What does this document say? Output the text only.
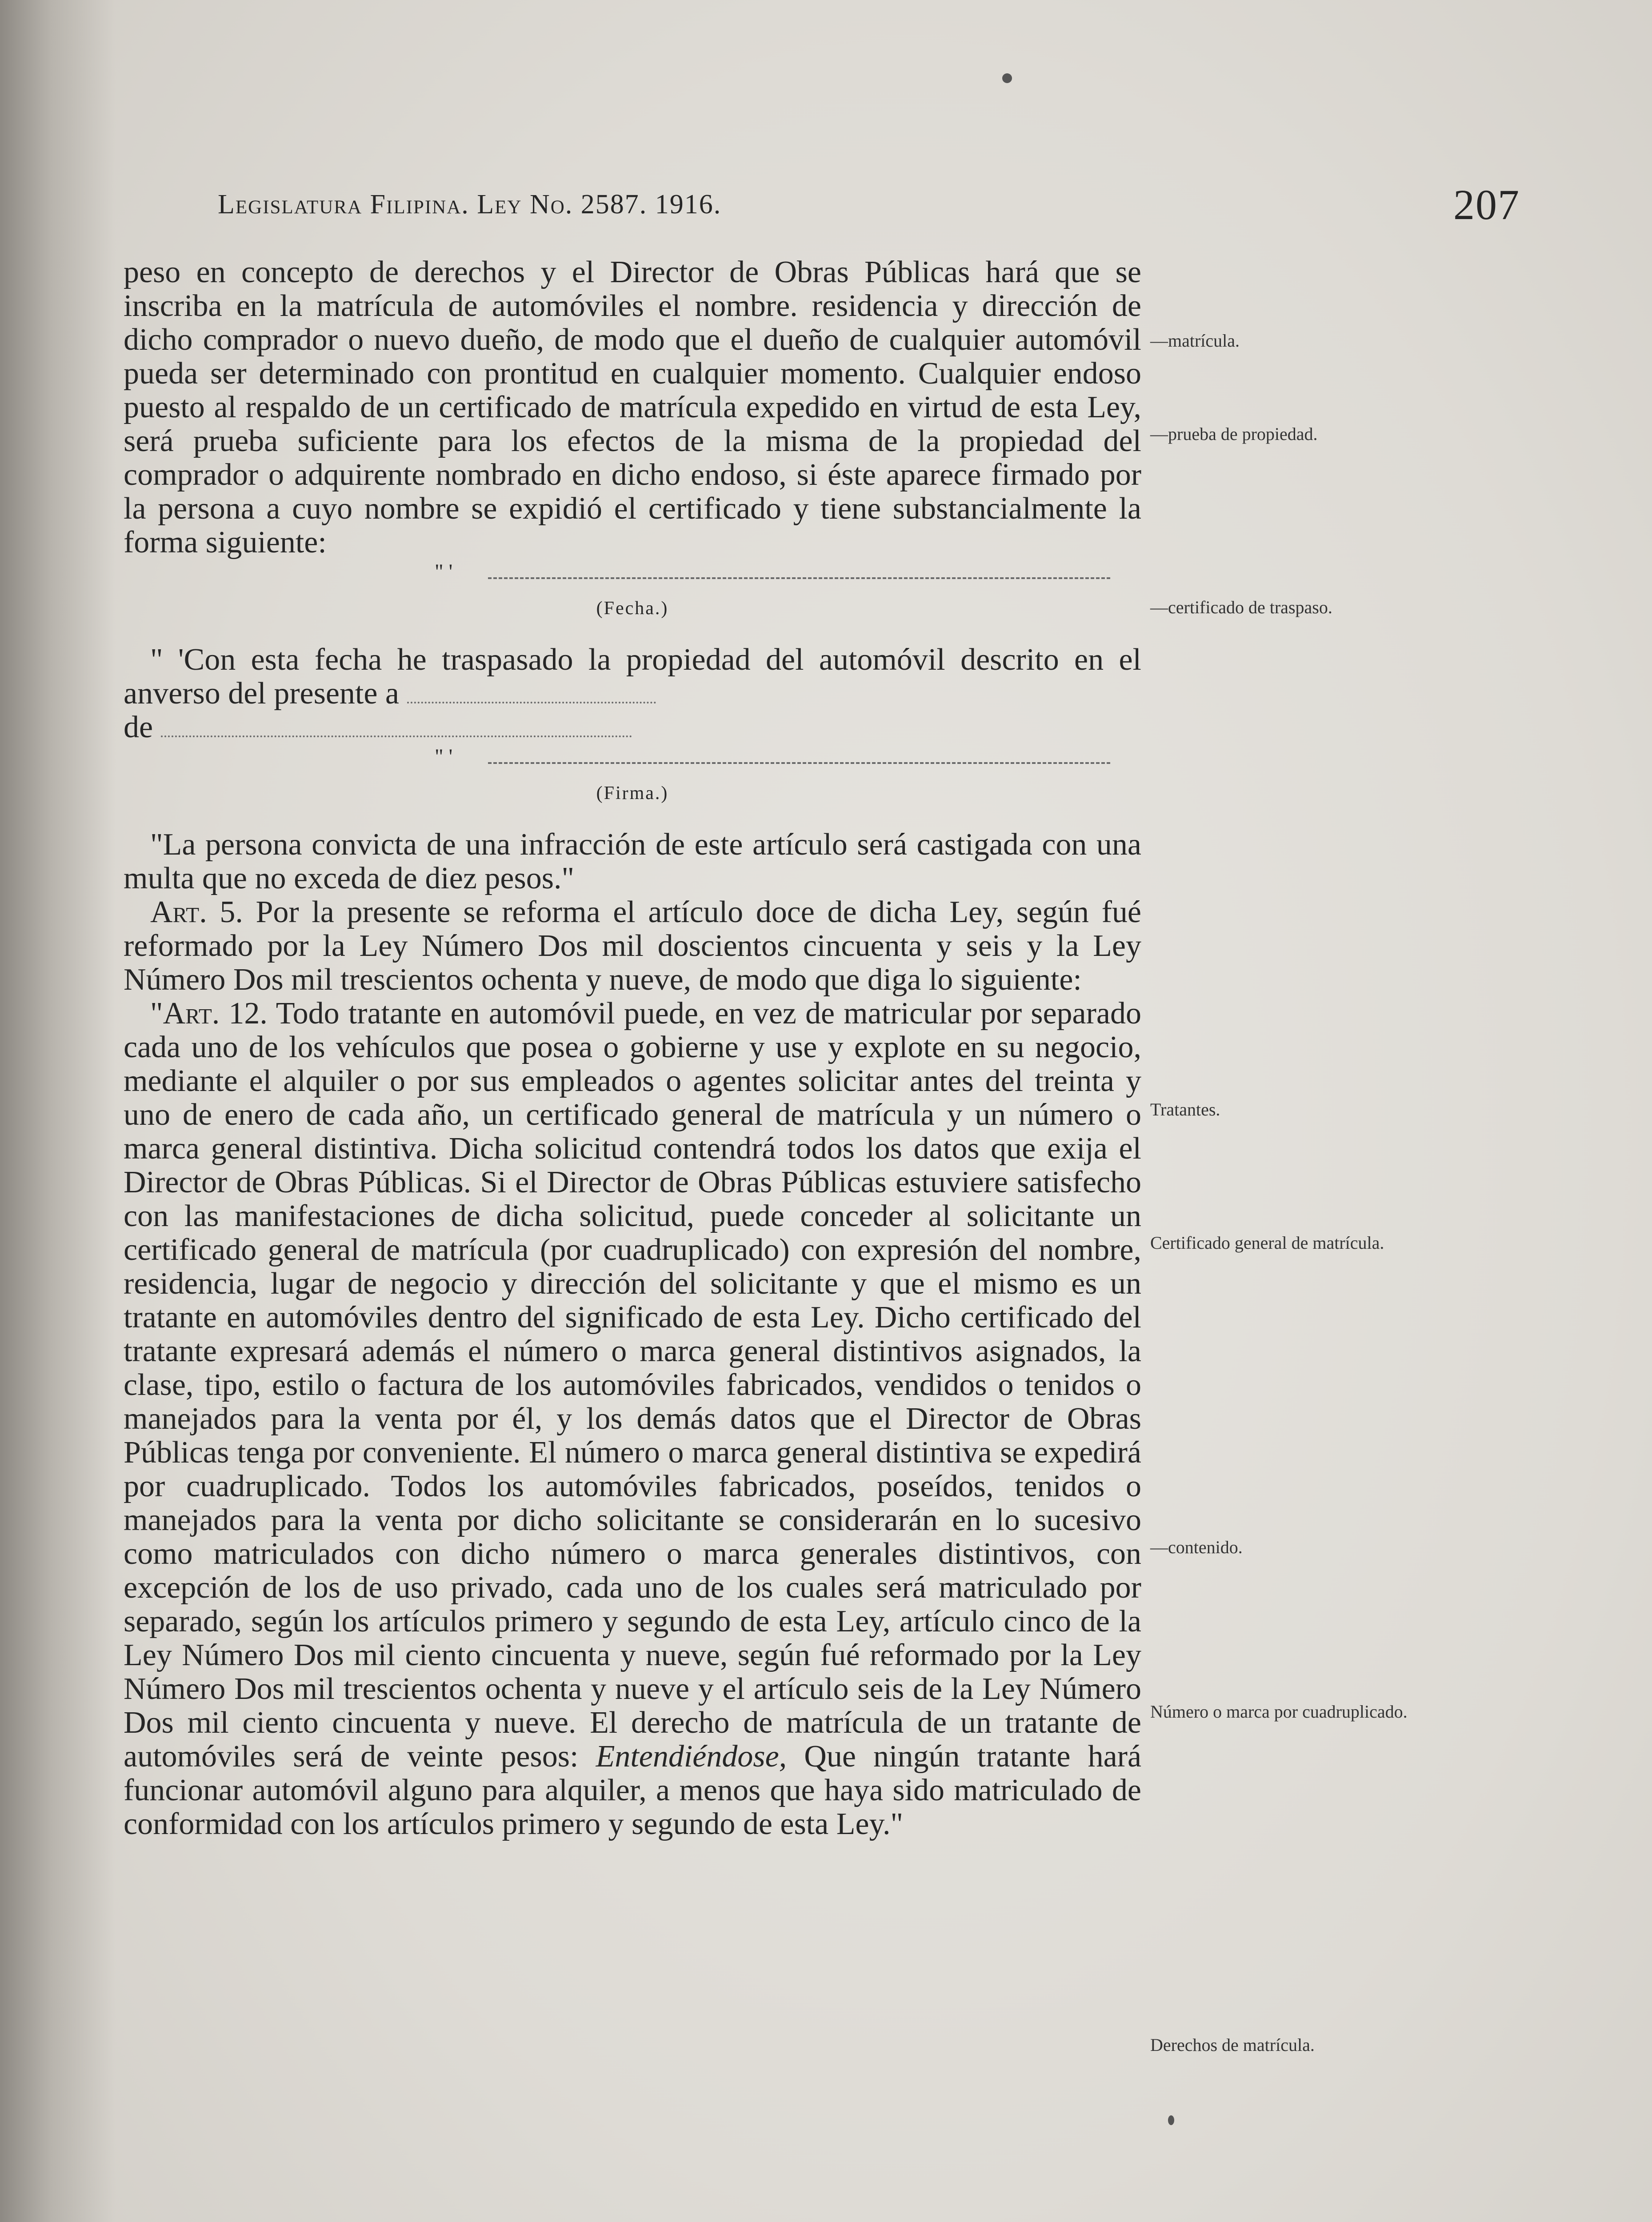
Legislatura Filipina. Ley No. 2587. 1916.	207

peso en concepto de derechos y el Director de Obras Públicas hará que se inscriba en la matrícula de automóviles el nombre. residencia y dirección de dicho comprador o nuevo dueño, de modo que el dueño de cualquier automóvil pueda ser determinado con prontitud en cualquier momento. Cualquier endoso puesto al respaldo de un certificado de matrícula expedido en virtud de esta Ley, será prueba suficiente para los efectos de la misma de la propiedad del comprador o adquirente nombrado en dicho endoso, si éste aparece firmado por la persona a cuyo nombre se expidió el certificado y tiene substancialmente la forma siguiente:

" '
(Fecha.)

" 'Con esta fecha he traspasado la propiedad del automóvil descrito en el anverso del presente a

de

" '
(Firma.)

"La persona convicta de una infracción de este artículo será castigada con una multa que no exceda de diez pesos."

Art. 5. Por la presente se reforma el artículo doce de dicha Ley, según fué reformado por la Ley Número Dos mil doscientos cincuenta y seis y la Ley Número Dos mil trescientos ochenta y nueve, de modo que diga lo siguiente:

"Art. 12. Todo tratante en automóvil puede, en vez de matricular por separado cada uno de los vehículos que posea o gobierne y use y explote en su negocio, mediante el alquiler o por sus empleados o agentes solicitar antes del treinta y uno de enero de cada año, un certificado general de matrícula y un número o marca general distintiva. Dicha solicitud contendrá todos los datos que exija el Director de Obras Públicas. Si el Director de Obras Públicas estuviere satisfecho con las manifestaciones de dicha solicitud, puede conceder al solicitante un certificado general de matrícula (por cuadruplicado) con expresión del nombre, residencia, lugar de negocio y dirección del solicitante y que el mismo es un tratante en automóviles dentro del significado de esta Ley. Dicho certificado del tratante expresará además el número o marca general distintivos asignados, la clase, tipo, estilo o factura de los automóviles fabricados, vendidos o tenidos o manejados para la venta por él, y los demás datos que el Director de Obras Públicas tenga por conveniente. El número o marca general distintiva se expedirá por cuadruplicado. Todos los automóviles fabricados, poseídos, tenidos o manejados para la venta por dicho solicitante se considerarán en lo sucesivo como matriculados con dicho número o marca generales distintivos, con excepción de los de uso privado, cada uno de los cuales será matriculado por separado, según los artículos primero y segundo de esta Ley, artículo cinco de la Ley Número Dos mil ciento cincuenta y nueve, según fué reformado por la Ley Número Dos mil trescientos ochenta y nueve y el artículo seis de la Ley Número Dos mil ciento cincuenta y nueve. El derecho de matrícula de un tratante de automóviles será de veinte pesos: Entendiéndose, Que ningún tratante hará funcionar automóvil alguno para alquiler, a menos que haya sido matriculado de conformidad con los artículos primero y segundo de esta Ley."

—matrícula.
—prueba de propiedad.
—certificado de traspaso.
Tratantes.
Certificado general de matrícula.
—contenido.
Número o marca por cuadruplicado.
Derechos de matrícula.
